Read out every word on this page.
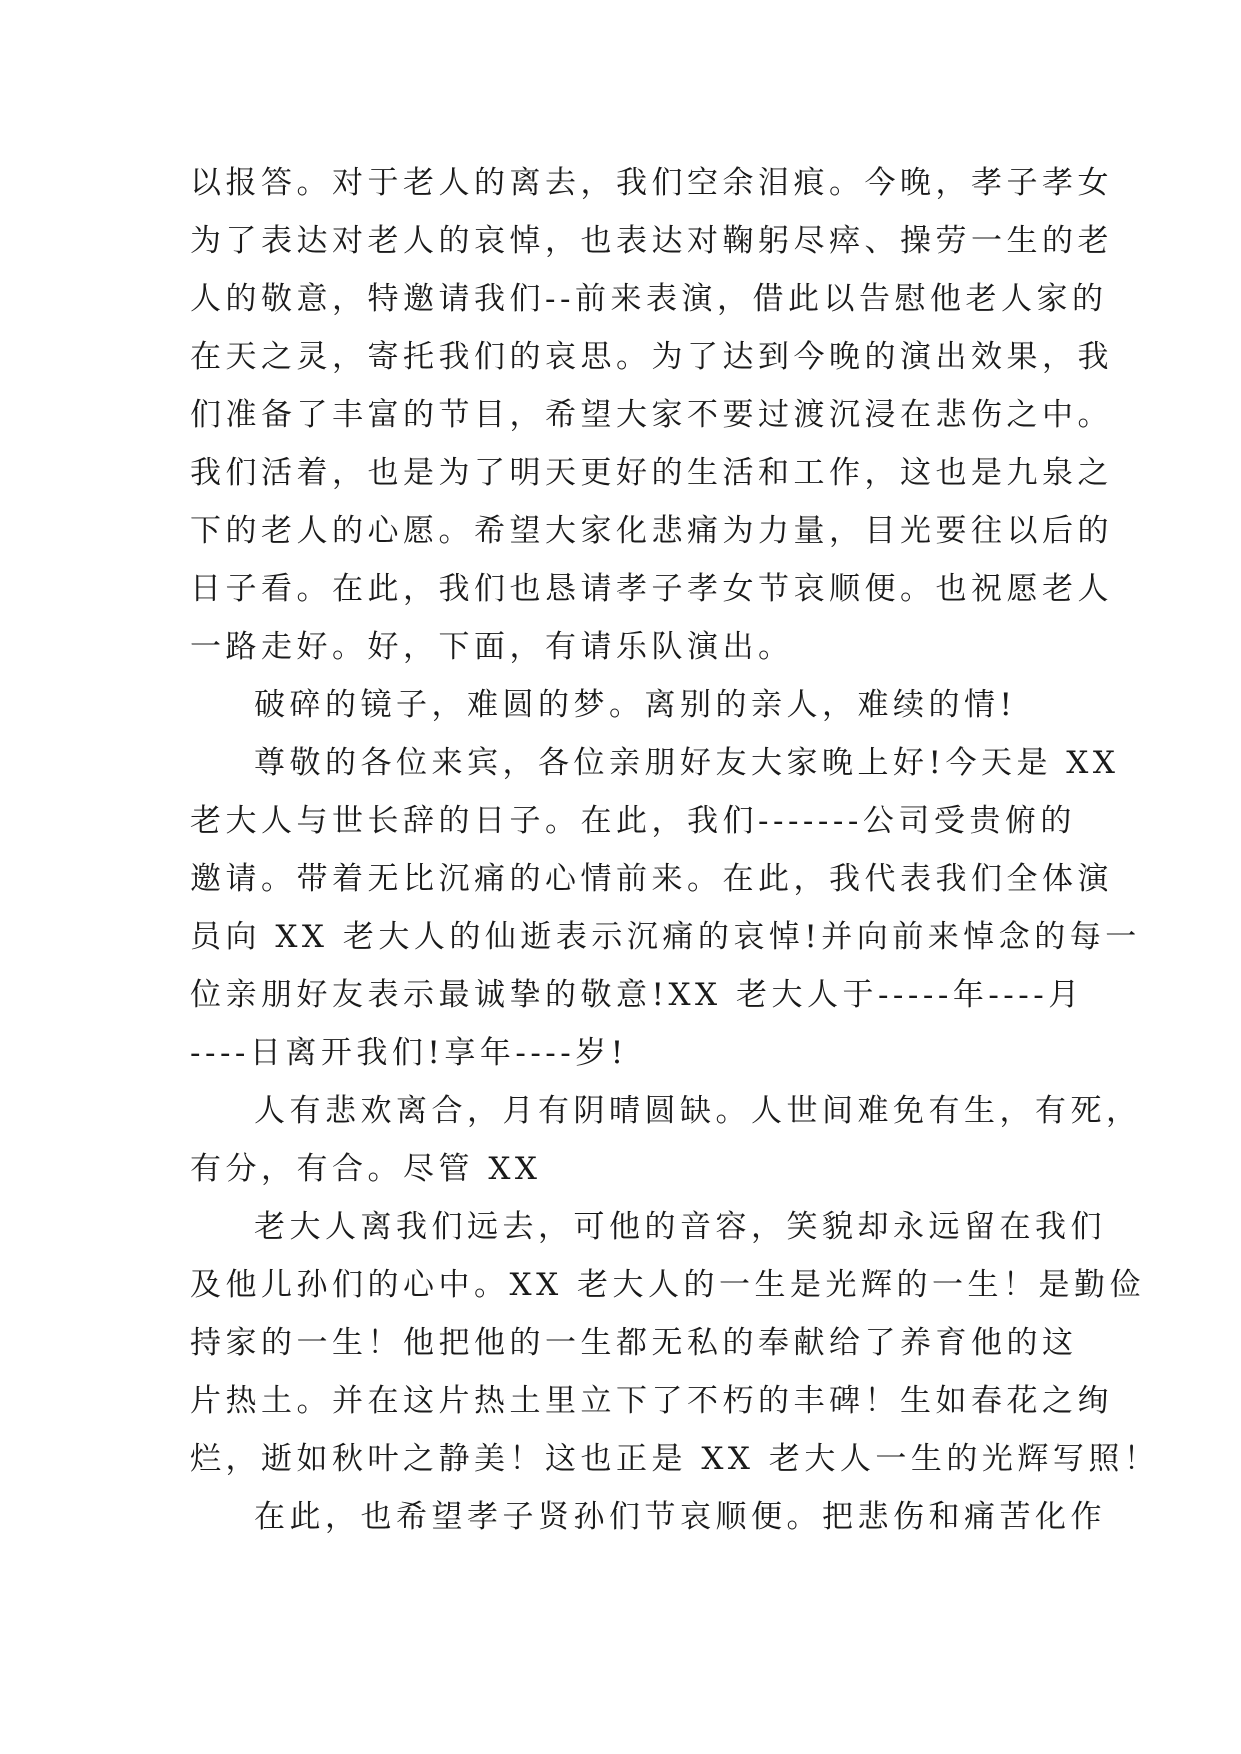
以报答。对于老人的离去，我们空余泪痕。今晚，孝子孝女
为了表达对老人的哀悼，也表达对鞠躬尽瘁、操劳一生的老
人的敬意，特邀请我们--前来表演，借此以告慰他老人家的
在天之灵，寄托我们的哀思。为了达到今晚的演出效果，我
们准备了丰富的节目，希望大家不要过渡沉浸在悲伤之中。
我们活着，也是为了明天更好的生活和工作，这也是九泉之
下的老人的心愿。希望大家化悲痛为力量，目光要往以后的
日子看。在此，我们也恳请孝子孝女节哀顺便。也祝愿老人
一路走好。好，下面，有请乐队演出。
破碎的镜子，难圆的梦。离别的亲人，难续的情!
尊敬的各位来宾，各位亲朋好友大家晚上好!今天是 XX
老大人与世长辞的日子。在此，我们-------公司受贵俯的
邀请。带着无比沉痛的心情前来。在此，我代表我们全体演
员向 XX 老大人的仙逝表示沉痛的哀悼!并向前来悼念的每一
位亲朋好友表示最诚挚的敬意!XX 老大人于-----年----月
----日离开我们!享年----岁!
人有悲欢离合，月有阴晴圆缺。人世间难免有生，有死，
有分，有合。尽管 XX
老大人离我们远去，可他的音容，笑貌却永远留在我们
及他儿孙们的心中。XX 老大人的一生是光辉的一生！是勤俭
持家的一生！他把他的一生都无私的奉献给了养育他的这
片热土。并在这片热土里立下了不朽的丰碑！生如春花之绚
烂，逝如秋叶之静美！这也正是 XX 老大人一生的光辉写照！
在此，也希望孝子贤孙们节哀顺便。把悲伤和痛苦化作
